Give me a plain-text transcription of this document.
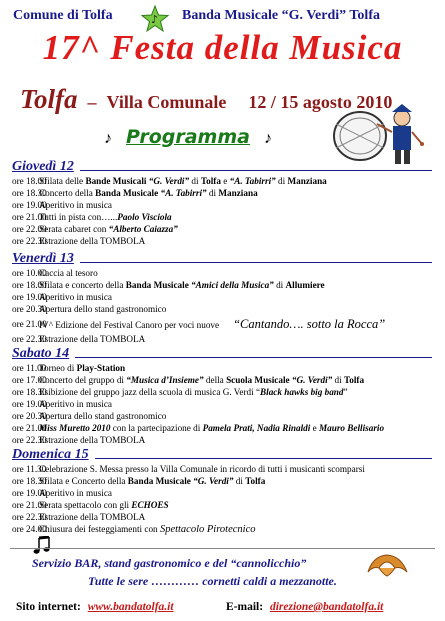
Comune di Tolfa	♪ Banda Musicale “G. Verdi” Tolfa
17^ Festa della Musica
Tolfa – Villa Comunale 12 / 15 agosto 2010
♪ Programma ♪
Giovedì 12
ore 18.00
Sfilata delle Bande Musicali “G. Verdi” di Tolfa e “A. Tabirri” di Manziana
ore 18.30
Concerto della Banda Musicale “A. Tabirri” di Manziana
ore 19.00
Aperitivo in musica
ore 21.00
Tutti in pista con…...Paolo Visciola
ore 22.00
Serata cabaret con “Alberto Caiazza”
ore 22.30
Estrazione della TOMBOLA
Venerdì 13
ore 10.00
Caccia al tesoro
ore 18.00
Sfilata e concerto della Banda Musicale “Amici della Musica” di Allumiere
ore 19.00
Aperitivo in musica
ore 20.30
Apertura dello stand gastronomico
ore 21.00
IV^ Edizione del Festival Canoro per voci nuove “Cantando…. sotto la Rocca”
ore 22.30
Estrazione della TOMBOLA
Sabato 14
ore 11.00
Torneo di Play-Station
ore 17.00
Concerto del gruppo di “Musica d’Insieme” della Scuola Musicale “G. Verdi” di Tolfa
ore 18.30
Esibizione del gruppo jazz della scuola di musica G. Verdi “Black hawks big band”
ore 19.00
Aperitivo in musica
ore 20.30
Apertura dello stand gastronomico
ore 21.00
Miss Muretto 2010 con la partecipazione di Pamela Prati, Nadia Rinaldi e Mauro Bellisario
ore 22.30
Estrazione della TOMBOLA
Domenica 15
ore 11.30
Celebrazione S. Messa presso la Villa Comunale in ricordo di tutti i musicanti scomparsi
ore 18.30
Sfilata e Concerto della Banda Musicale “G. Verdi” di Tolfa
ore 19.00
Aperitivo in musica
ore 21.00
Serata spettacolo con gli ECHOES
ore 22.30
Estrazione della TOMBOLA
ore 24.00
Chiusura dei festeggiamenti con Spettacolo Pirotecnico
Servizio BAR, stand gastronomico e del “cannolicchio”
Tutte le sere ………… cornetti caldi a mezzanotte.
Sito internet: www.bandatolfa.it	E-mail: direzione@bandatolfa.it
